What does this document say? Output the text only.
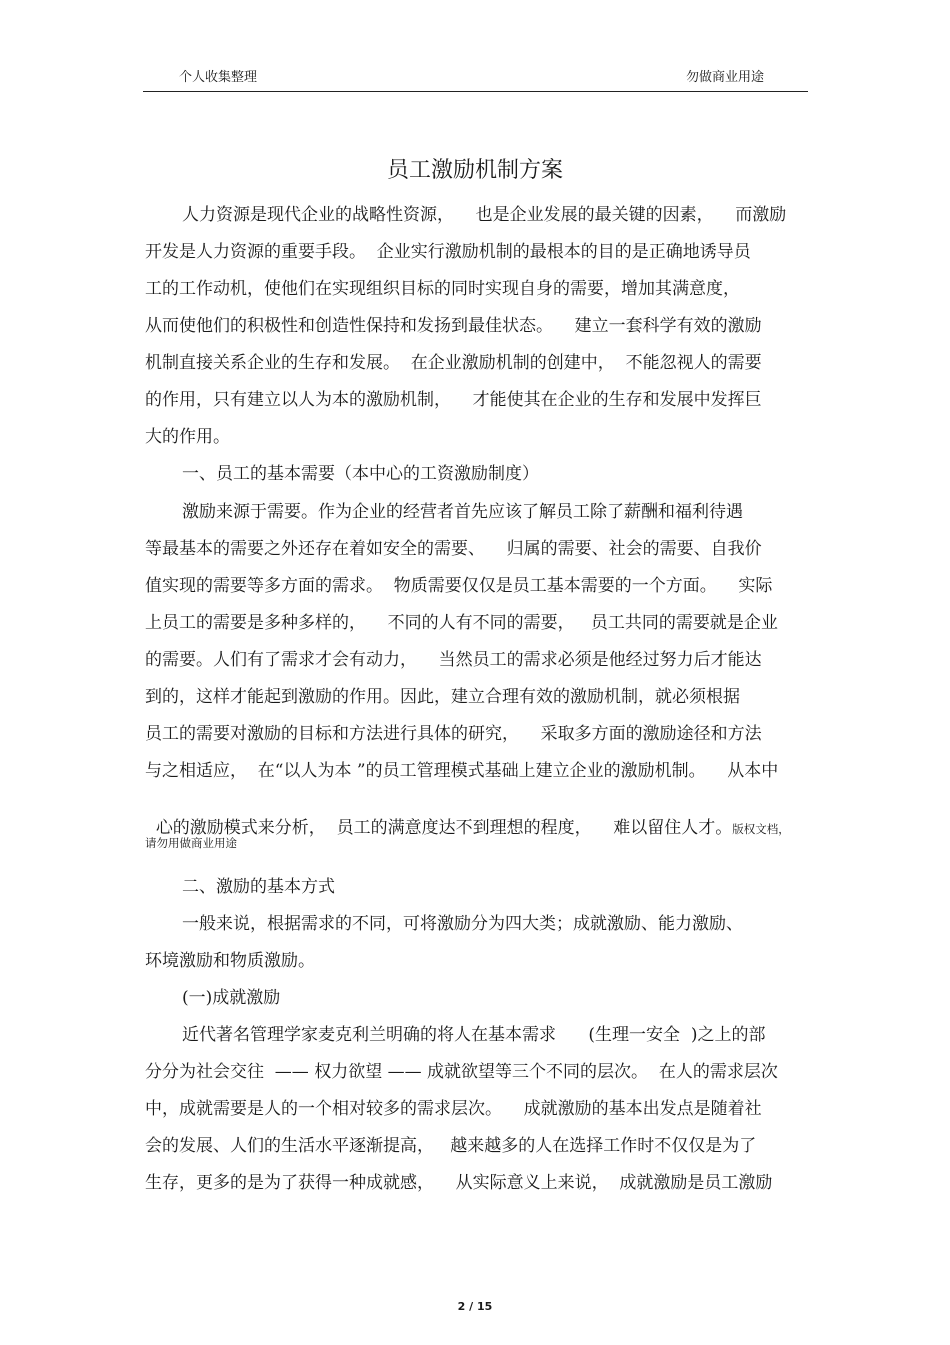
个人收集整理	勿做商业用途
员工激励机制方案
人力资源是现代企业的战略性资源，    也是企业发展的最关键的因素，    而激励
开发是人力资源的重要手段。  企业实行激励机制的最根本的目的是正确地诱导员
工的工作动机，使他们在实现组织目标的同时实现自身的需要，增加其满意度，
从而使他们的积极性和创造性保持和发扬到最佳状态。    建立一套科学有效的激励
机制直接关系企业的生存和发展。  在企业激励机制的创建中，  不能忽视人的需要
的作用，只有建立以人为本的激励机制，    才能使其在企业的生存和发展中发挥巨
大的作用。
一、员工的基本需要（本中心的工资激励制度）
激励来源于需要。作为企业的经营者首先应该了解员工除了薪酬和福利待遇
等最基本的需要之外还存在着如安全的需要、    归属的需要、社会的需要、自我价
值实现的需要等多方面的需求。  物质需要仅仅是员工基本需要的一个方面。    实际
上员工的需要是多种多样的，    不同的人有不同的需要，   员工共同的需要就是企业
的需要。人们有了需求才会有动力，    当然员工的需求必须是他经过努力后才能达
到的，这样才能起到激励的作用。因此，建立合理有效的激励机制，就必须根据
员工的需要对激励的目标和方法进行具体的研究，    采取多方面的激励途径和方法
与之相适应，  在“以人为本 ”的员工管理模式基础上建立企业的激励机制。    从本中

心的激励模式来分析，  员工的满意度达不到理想的程度，    难以留住人才。版权文档，

请勿用做商业用途
二、激励的基本方式
一般来说，根据需求的不同，可将激励分为四大类；成就激励、能力激励、
环境激励和物质激励。
(一)成就激励
近代著名管理学家麦克利兰明确的将人在基本需求      (生理一安全  )之上的部
分分为社会交往  —— 权力欲望 —— 成就欲望等三个不同的层次。  在人的需求层次
中，成就需要是人的一个相对较多的需求层次。    成就激励的基本出发点是随着社
会的发展、人们的生活水平逐渐提高，   越来越多的人在选择工作时不仅仅是为了
生存，更多的是为了获得一种成就感，    从实际意义上来说，  成就激励是员工激励
2 / 15
